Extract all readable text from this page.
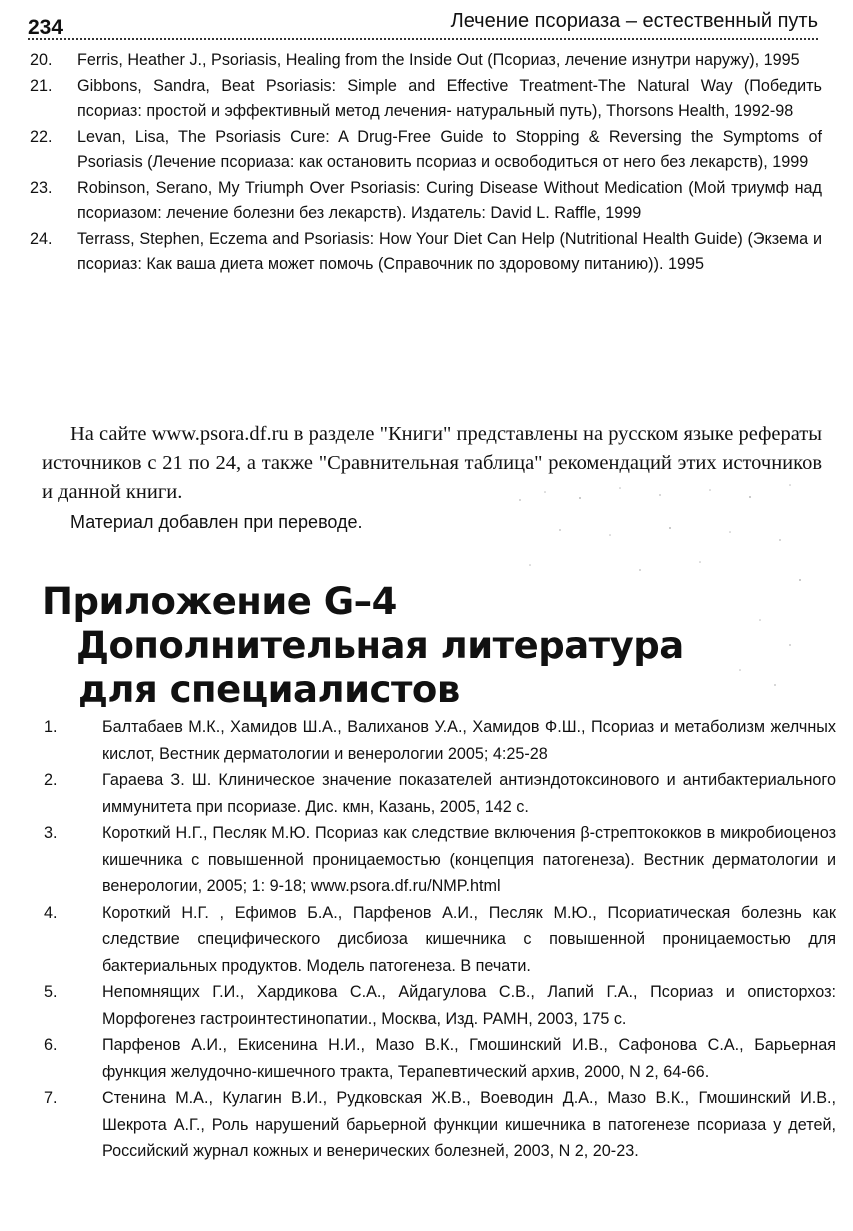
234	Лечение псориаза – естественный путь
20. Ferris, Heather J., Psoriasis, Healing from the Inside Out (Псориаз, лечение изнутри наружу), 1995
21. Gibbons, Sandra, Beat Psoriasis: Simple and Effective Treatment-The Natural Way (Победить псориаз: простой и эффективный метод лечения- натуральный путь), Thorsons Health, 1992-98
22. Levan, Lisa, The Psoriasis Cure: A Drug-Free Guide to Stopping & Reversing the Symptoms of Psoriasis (Лечение псориаза: как остановить псориаз и освободиться от него без лекарств), 1999
23. Robinson, Serano, My Triumph Over Psoriasis: Curing Disease Without Medication (Мой триумф над псориазом: лечение болезни без лекарств). Издатель: David L. Raffle, 1999
24. Terrass, Stephen, Eczema and Psoriasis: How Your Diet Can Help (Nutritional Health Guide) (Экзема и псориаз: Как ваша диета может помочь (Справочник по здоровому питанию)). 1995

На сайте www.psora.df.ru в разделе "Книги" представлены на русском языке рефераты источников с 21 по 24, а также "Сравнительная таблица" рекомендаций этих источников и данной книги.

Материал добавлен при переводе.
Приложение G–4
Дополнительная литература
для специалистов
1.	Балтабаев М.К., Хамидов Ш.А., Валиханов У.А., Хамидов Ф.Ш., Псориаз и метаболизм желчных кислот, Вестник дерматологии и венерологии 2005; 4:25-28
2.	Гараева З. Ш. Клиническое значение показателей антиэндотоксинового и антибактериального иммунитета при псориазе. Дис. кмн, Казань, 2005, 142 с.
3.	Короткий Н.Г., Песляк М.Ю. Псориаз как следствие включения β-стрептококков в микробиоценоз кишечника с повышенной проницаемостью (концепция патогенеза). Вестник дерматологии и венерологии, 2005; 1: 9-18; www.psora.df.ru/NMP.html
4.	Короткий Н.Г. , Ефимов Б.А., Парфенов А.И., Песляк М.Ю., Псориатическая болезнь как следствие специфического дисбиоза кишечника с повышенной проницаемостью для бактериальных продуктов. Модель патогенеза. В печати.
5.	Непомнящих Г.И., Хардикова С.А., Айдагулова С.В., Лапий Г.А., Псориаз и описторхоз: Морфогенез гастроинтестинопатии., Москва, Изд. РАМН, 2003, 175 с.
6.	Парфенов А.И., Екисенина Н.И., Мазо В.К., Гмошинский И.В., Сафонова С.А., Барьерная функция желудочно-кишечного тракта, Терапевтический архив, 2000, N 2, 64-66.
7.	Стенина М.А., Кулагин В.И., Рудковская Ж.В., Воеводин Д.А., Мазо В.К., Гмошинский И.В., Шекрота А.Г., Роль нарушений барьерной функции кишечника в патогенезе псориаза у детей, Российский журнал кожных и венерических болезней, 2003, N 2, 20-23.
